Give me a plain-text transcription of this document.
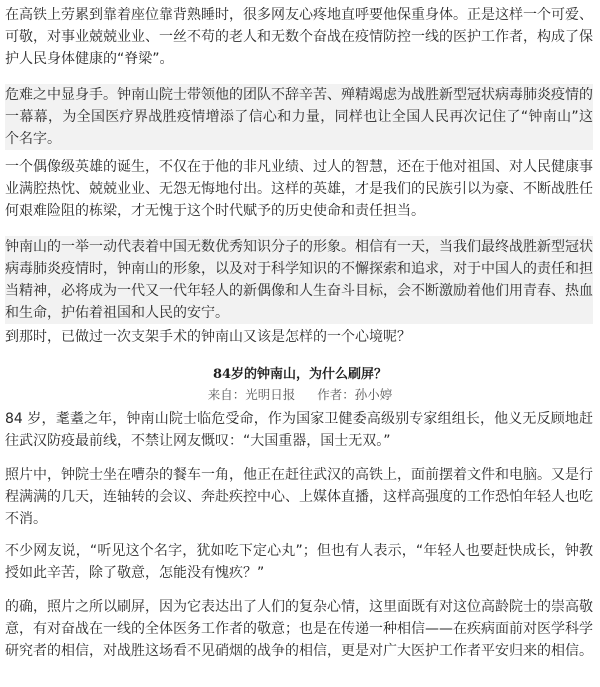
在高铁上劳累到靠着座位靠背熟睡时，很多网友心疼地直呼要他保重身体。正是这样一个可爱、可敬，对事业兢兢业业、一丝不苟的老人和无数个奋战在疫情防控一线的医护工作者，构成了保护人民身体健康的“脊梁”。

危难之中显身手。钟南山院士带领他的团队不辞辛苦、殚精竭虑为战胜新型冠状病毒肺炎疫情的一幕幕，为全国医疗界战胜疫情增添了信心和力量，同样也让全国人民再次记住了“钟南山”这个名字。

一个偶像级英雄的诞生，不仅在于他的非凡业绩、过人的智慧，还在于他对祖国、对人民健康事业满腔热忱、兢兢业业、无怨无悔地付出。这样的英雄，才是我们的民族引以为豪、不断战胜任何艰难险阻的栋梁，才无愧于这个时代赋予的历史使命和责任担当。

钟南山的一举一动代表着中国无数优秀知识分子的形象。相信有一天，当我们最终战胜新型冠状病毒肺炎疫情时，钟南山的形象，以及对于科学知识的不懈探索和追求，对于中国人的责任和担当精神，必将成为一代又一代年轻人的新偶像和人生奋斗目标，会不断激励着他们用青春、热血和生命，护佑着祖国和人民的安宁。

到那时，已做过一次支架手术的钟南山又该是怎样的一个心境呢？

84岁的钟南山，为什么刷屏？

来自：光明日报 作者：孙小婷

84 岁，耄耋之年，钟南山院士临危受命，作为国家卫健委高级别专家组组长，他义无反顾地赶往武汉防疫最前线，不禁让网友慨叹：“大国重器，国士无双。”

照片中，钟院士坐在嘈杂的餐车一角，他正在赶往武汉的高铁上，面前摆着文件和电脑。又是行程满满的几天，连轴转的会议、奔赴疾控中心、上媒体直播，这样高强度的工作恐怕年轻人也吃不消。

不少网友说，“听见这个名字，犹如吃下定心丸”；但也有人表示，“年轻人也要赶快成长，钟教授如此辛苦，除了敬意，怎能没有愧疚？”

的确，照片之所以刷屏，因为它表达出了人们的复杂心情，这里面既有对这位高龄院士的崇高敬意，有对奋战在一线的全体医务工作者的敬意；也是在传递一种相信——在疾病面前对医学科学研究者的相信，对战胜这场看不见硝烟的战争的相信，更是对广大医护工作者平安归来的相信。
